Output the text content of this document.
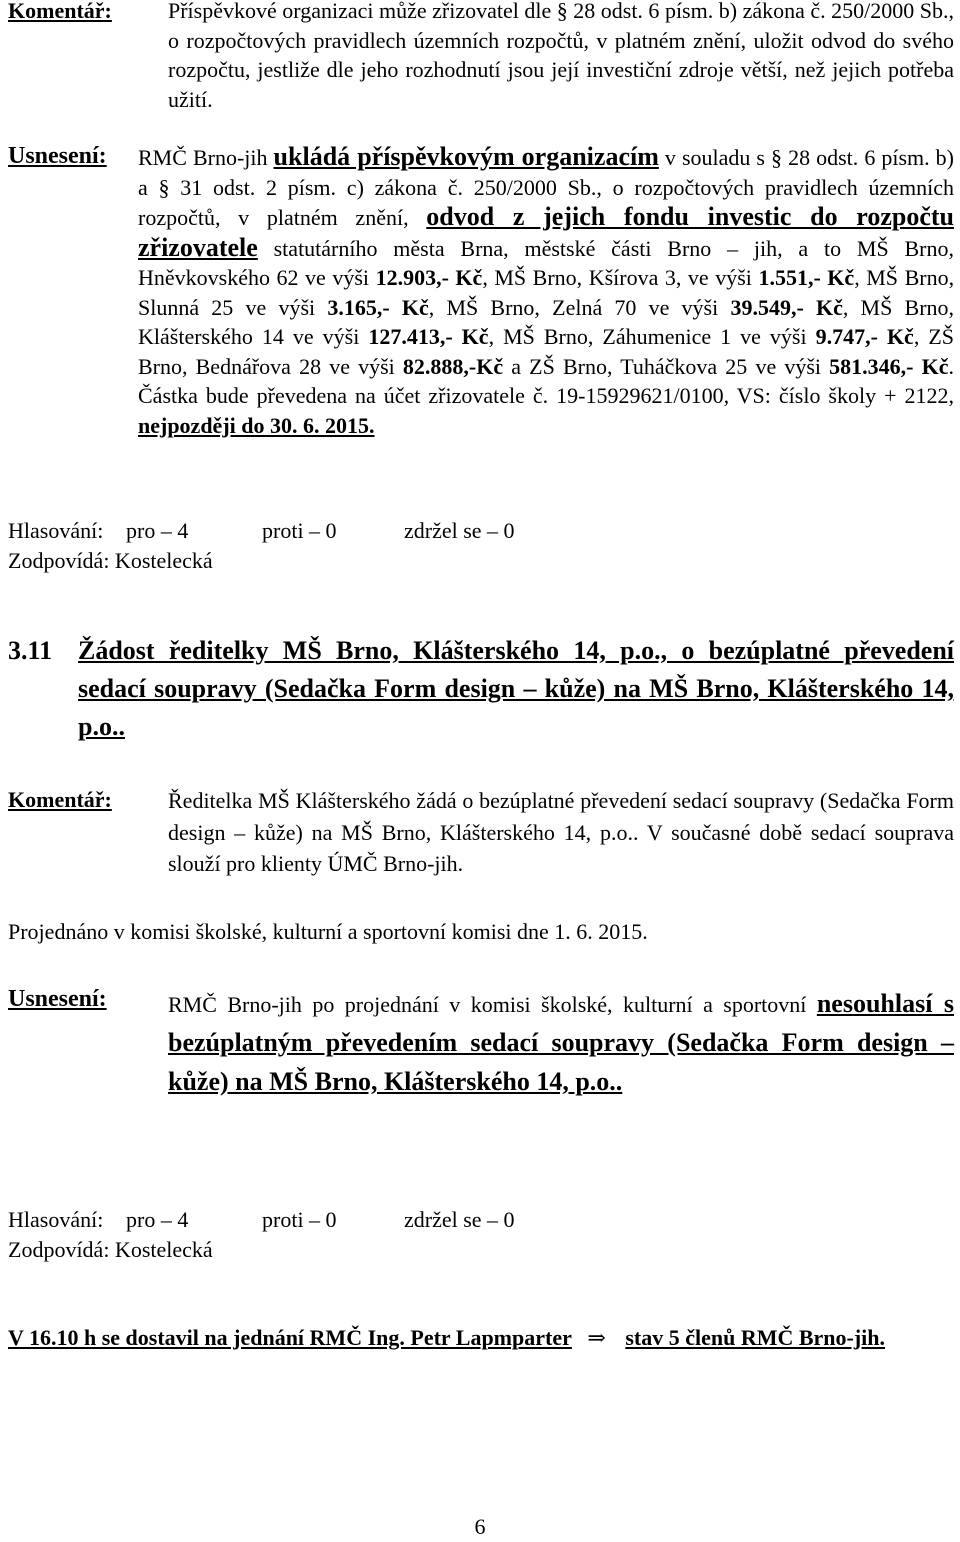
Komentář:	Příspěvkové organizaci může zřizovatel dle § 28 odst. 6 písm. b) zákona č. 250/2000 Sb., o rozpočtových pravidlech územních rozpočtů, v platném znění, uložit odvod do svého rozpočtu, jestliže dle jeho rozhodnutí jsou její investiční zdroje větší, než jejich potřeba užití.
Usnesení:	RMČ Brno-jih ukládá příspěvkovým organizacím v souladu s § 28 odst. 6 písm. b) a § 31 odst. 2 písm. c) zákona č. 250/2000 Sb., o rozpočtových pravidlech územních rozpočtů, v platném znění, odvod z jejich fondu investic do rozpočtu zřizovatele statutárního města Brna, městské části Brno – jih, a to MŠ Brno, Hněvkovského 62 ve výši 12.903,- Kč, MŠ Brno, Kšírova 3, ve výši 1.551,- Kč, MŠ Brno, Slunná 25 ve výši 3.165,- Kč, MŠ Brno, Zelná 70 ve výši 39.549,- Kč, MŠ Brno, Klášterského 14 ve výši 127.413,- Kč, MŠ Brno, Záhumenice 1 ve výši 9.747,- Kč, ZŠ Brno, Bednářova 28 ve výši 82.888,-Kč a ZŠ Brno, Tuháčkova 25 ve výši 581.346,- Kč. Částka bude převedena na účet zřizovatele č. 19-15929621/0100, VS: číslo školy + 2122, nejpozději do 30. 6. 2015.
Hlasování: pro – 4	proti – 0	zdržel se – 0
Zodpovídá: Kostelecká
3.11 Žádost ředitelky MŠ Brno, Klášterského 14, p.o., o bezúplatné převedení sedací soupravy (Sedačka Form design – kůže) na MŠ Brno, Klášterského 14, p.o..
Komentář:	Ředitelka MŠ Klášterského žádá o bezúplatné převedení sedací soupravy (Sedačka Form design – kůže) na MŠ Brno, Klášterského 14, p.o.. V současné době sedací souprava slouží pro klienty ÚMČ Brno-jih.
Projednáno v komisi školské, kulturní a sportovní komisi dne 1. 6. 2015.
Usnesení:	RMČ Brno-jih po projednání v komisi školské, kulturní a sportovní nesouhlasí s bezúplatným převedením sedací soupravy (Sedačka Form design – kůže) na MŠ Brno, Klášterského 14, p.o..
Hlasování: pro – 4	proti – 0	zdržel se – 0
Zodpovídá: Kostelecká
V 16.10 h se dostavil na jednání RMČ Ing. Petr Lapmparter ⇒ stav 5 členů RMČ Brno-jih.
6
